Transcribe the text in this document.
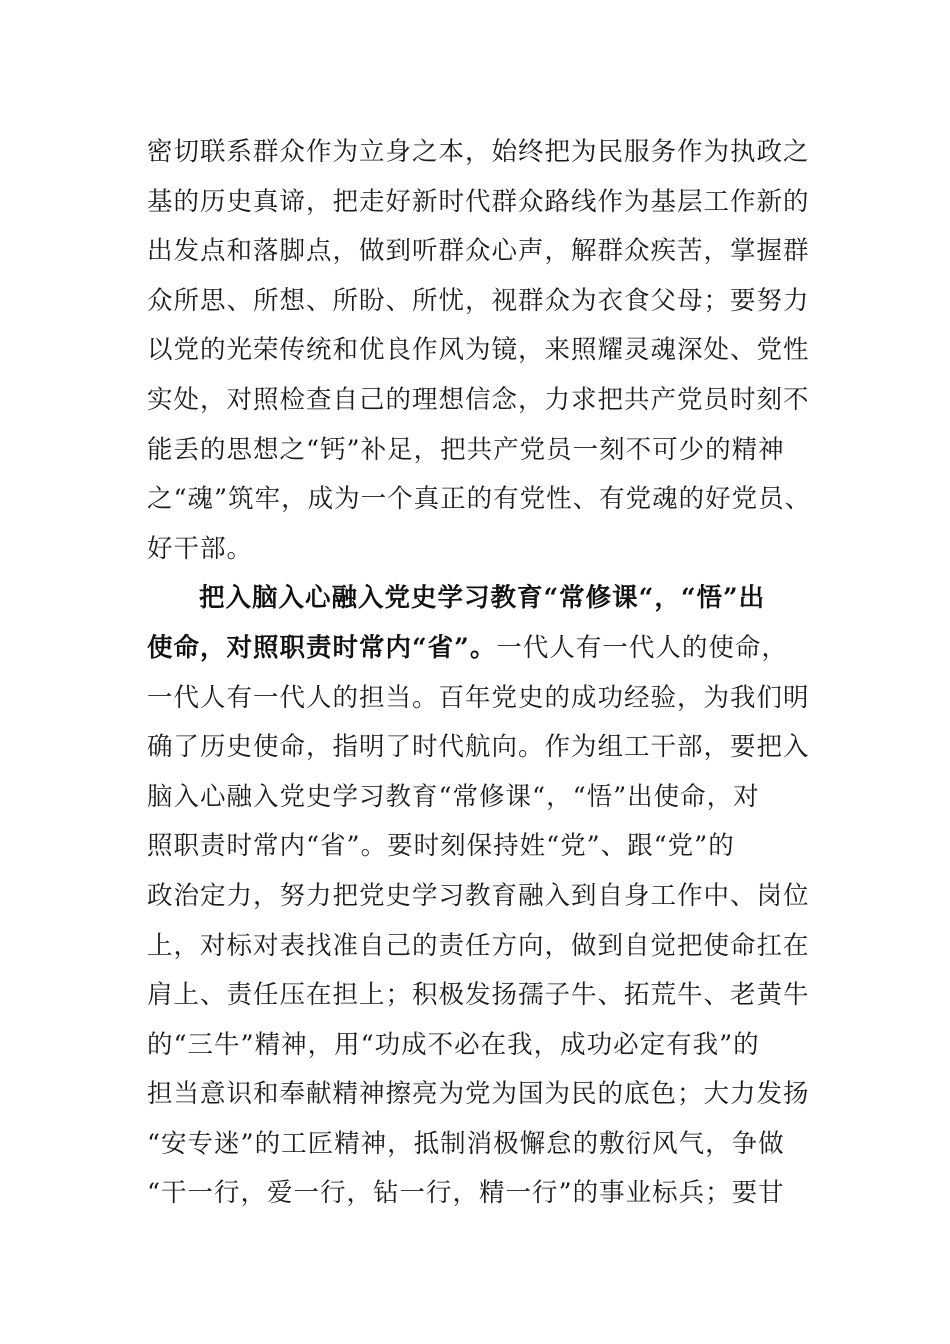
密切联系群众作为立身之本，始终把为民服务作为执政之
基的历史真谛，把走好新时代群众路线作为基层工作新的
出发点和落脚点，做到听群众心声，解群众疾苦，掌握群
众所思、所想、所盼、所忧，视群众为衣食父母；要努力
以党的光荣传统和优良作风为镜，来照耀灵魂深处、党性
实处，对照检查自己的理想信念，力求把共产党员时刻不
能丢的思想之“钙”补足，把共产党员一刻不可少的精神
之“魂”筑牢，成为一个真正的有党性、有党魂的好党员、
好干部。
把入脑入心融入党史学习教育“常修课“，“悟”出
使命，对照职责时常内“省”。一代人有一代人的使命，
一代人有一代人的担当。百年党史的成功经验，为我们明
确了历史使命，指明了时代航向。作为组工干部，要把入
脑入心融入党史学习教育“常修课“，“悟”出使命，对
照职责时常内“省”。要时刻保持姓“党”、跟“党”的
政治定力，努力把党史学习教育融入到自身工作中、岗位
上，对标对表找准自己的责任方向，做到自觉把使命扛在
肩上、责任压在担上；积极发扬孺子牛、拓荒牛、老黄牛
的“三牛”精神，用“功成不必在我，成功必定有我”的
担当意识和奉献精神擦亮为党为国为民的底色；大力发扬
“安专迷”的工匠精神，抵制消极懈怠的敷衍风气，争做
“干一行，爱一行，钻一行，精一行”的事业标兵；要甘
